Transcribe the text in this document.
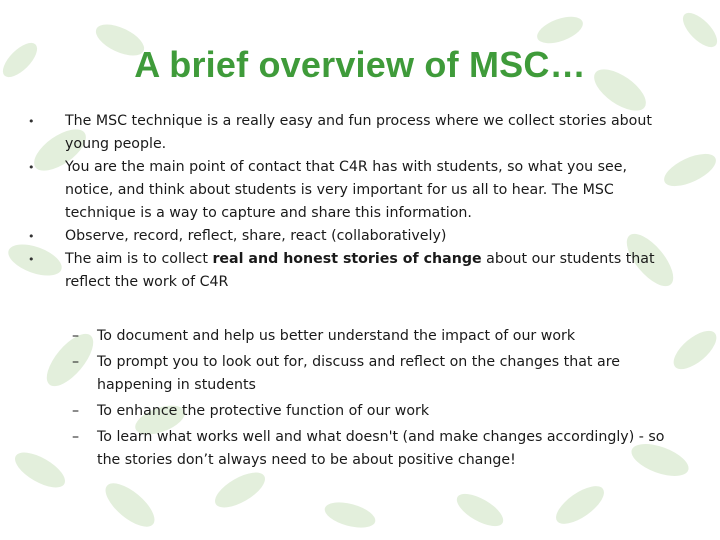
A brief overview of MSC…
• The MSC technique is a really easy and fun process where we collect stories about young people.
• You are the main point of contact that C4R has with students, so what you see, notice, and think about students is very important for us all to hear. The MSC technique is a way to capture and share this information.
• Observe, record, reflect, share, react (collaboratively)
• The aim is to collect real and honest stories of change about our students that reflect the work of C4R
– To document and help us better understand the impact of our work
– To prompt you to look out for, discuss and reflect on the changes that are happening in students
– To enhance the protective function of our work
– To learn what works well and what doesn't (and make changes accordingly) - so the stories don’t always need to be about positive change!
